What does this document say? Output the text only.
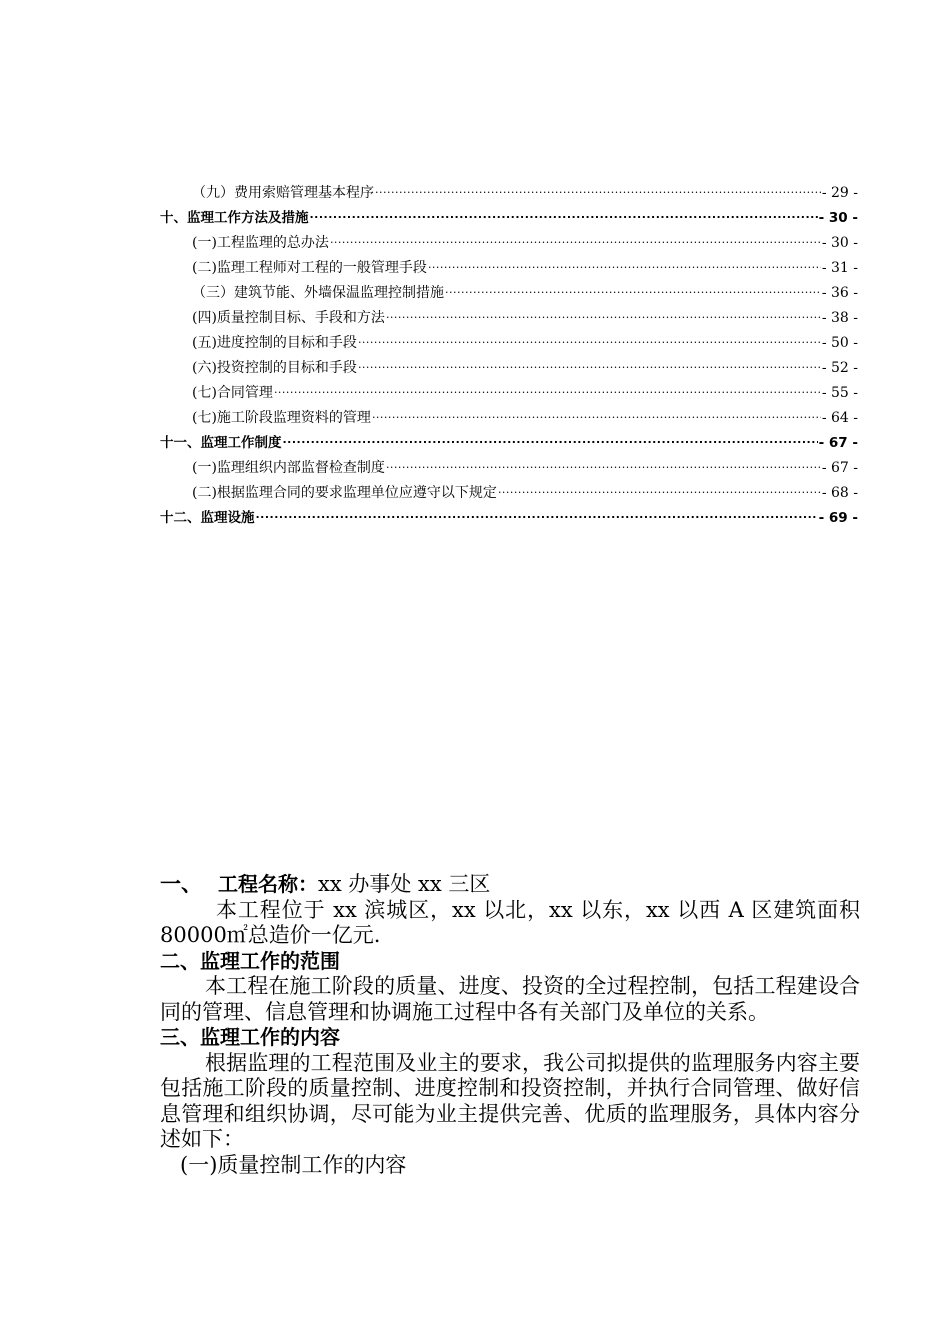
（九）费用索赔管理基本程序 .....	- 29 -
十、监理工作方法及措施 .....	- 30 -
(一)工程监理的总办法 .....	- 30 -
(二)监理工程师对工程的一般管理手段 .....	- 31 -
（三）建筑节能、外墙保温监理控制措施 .....	- 36 -
(四)质量控制目标、手段和方法 .....	- 38 -
(五)进度控制的目标和手段 .....	- 50 -
(六)投资控制的目标和手段 .....	- 52 -
(七)合同管理 .....	- 55 -
(七)施工阶段监理资料的管理 .....	- 64 -
十一、监理工作制度 .....	- 67 -
(一)监理组织内部监督检查制度 .....	- 67 -
(二)根据监理合同的要求监理单位应遵守以下规定 .....	- 68 -
十二、监理设施 .....	- 69 -
一、 工程名称： xx 办事处 xx 三区

本工程位于 xx 滨城区，xx 以北，xx 以东，xx 以西 A 区建筑面积 80000㎡总造价一亿元.

二、监理工作的范围

本工程在施工阶段的质量、进度、投资的全过程控制，包括工程建设合同的管理、信息管理和协调施工过程中各有关部门及单位的关系。

三、监理工作的内容

根据监理的工程范围及业主的要求，我公司拟提供的监理服务内容主要包括施工阶段的质量控制、进度控制和投资控制，并执行合同管理、做好信息管理和组织协调，尽可能为业主提供完善、优质的监理服务，具体内容分述如下：

(一)质量控制工作的内容
